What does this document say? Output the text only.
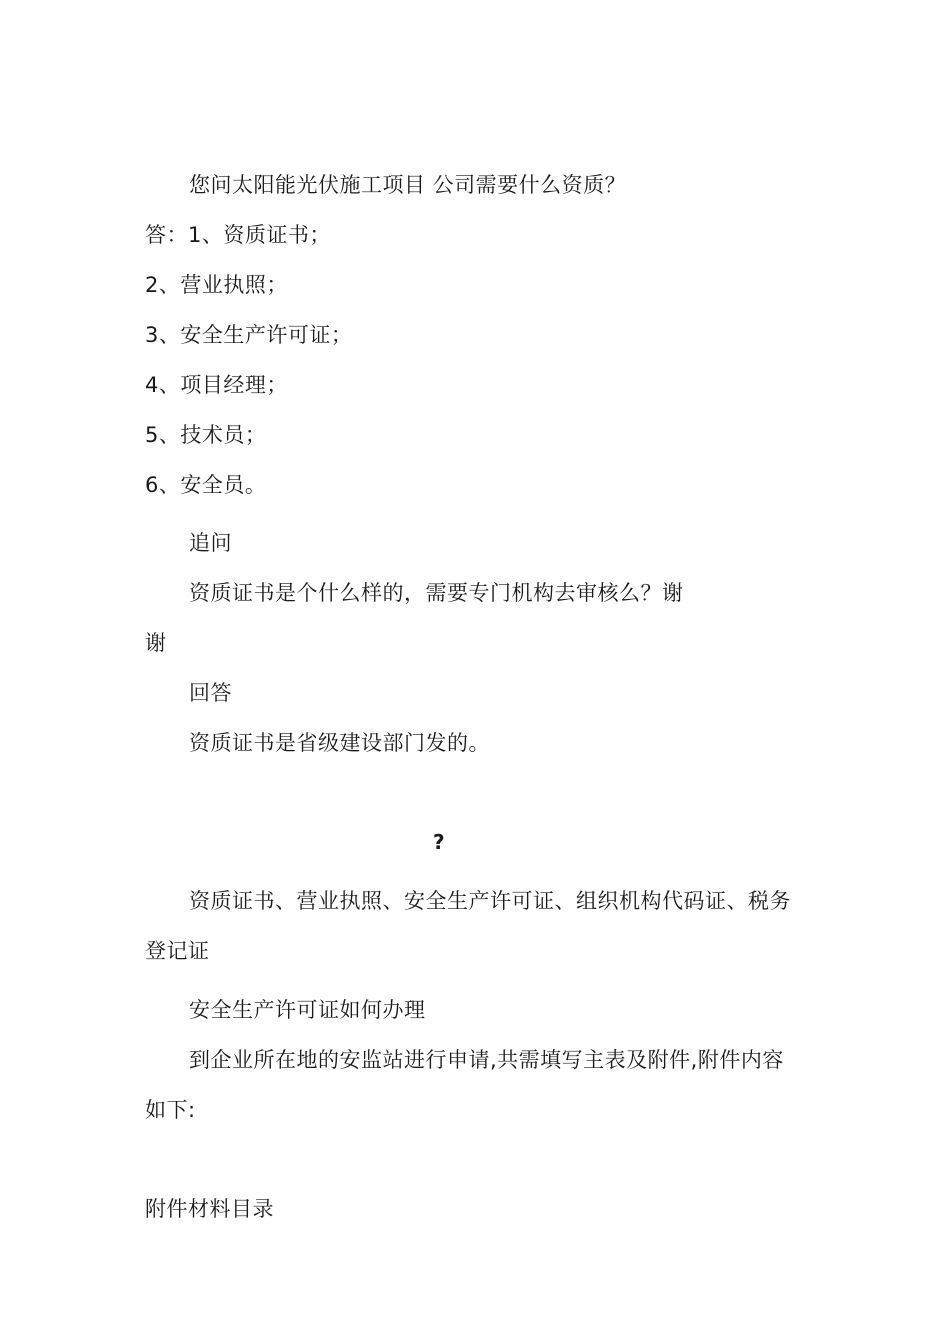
您问太阳能光伏施工项目 公司需要什么资质？
答：1、资质证书；
2、营业执照；
3、安全生产许可证；
4、项目经理；
5、技术员；
6、安全员。
追问
资质证书是个什么样的，需要专门机构去审核么？谢
谢
回答
资质证书是省级建设部门发的。
?
资质证书、营业执照、安全生产许可证、组织机构代码证、税务
登记证
安全生产许可证如何办理
到企业所在地的安监站进行申请,共需填写主表及附件,附件内容
如下:
附件材料目录
